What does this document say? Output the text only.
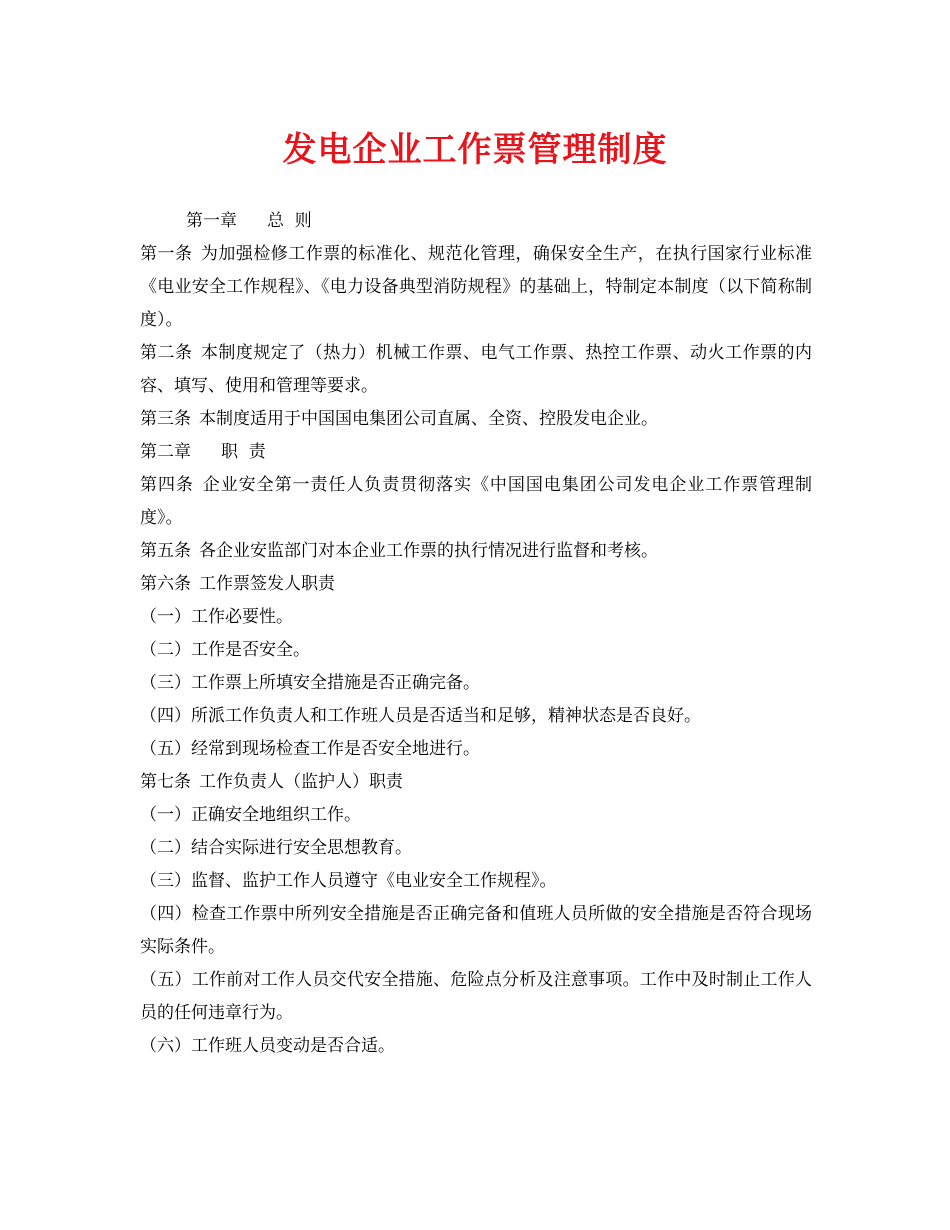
发电企业工作票管理制度

第一章 总  则

第一条 为加强检修工作票的标准化、规范化管理，确保安全生产，在执行国家行业标准《电业安全工作规程》、《电力设备典型消防规程》的基础上，特制定本制度（以下简称制度）。

第二条 本制度规定了（热力）机械工作票、电气工作票、热控工作票、动火工作票的内容、填写、使用和管理等要求。

第三条 本制度适用于中国国电集团公司直属、全资、控股发电企业。

第二章 职  责

第四条 企业安全第一责任人负责贯彻落实《中国国电集团公司发电企业工作票管理制度》。

第五条 各企业安监部门对本企业工作票的执行情况进行监督和考核。

第六条 工作票签发人职责

（一）工作必要性。

（二）工作是否安全。

（三）工作票上所填安全措施是否正确完备。

（四）所派工作负责人和工作班人员是否适当和足够，精神状态是否良好。

（五）经常到现场检查工作是否安全地进行。

第七条 工作负责人（监护人）职责

（一）正确安全地组织工作。

（二）结合实际进行安全思想教育。

（三）监督、监护工作人员遵守《电业安全工作规程》。

（四）检查工作票中所列安全措施是否正确完备和值班人员所做的安全措施是否符合现场实际条件。

（五）工作前对工作人员交代安全措施、危险点分析及注意事项。工作中及时制止工作人员的任何违章行为。

（六）工作班人员变动是否合适。
